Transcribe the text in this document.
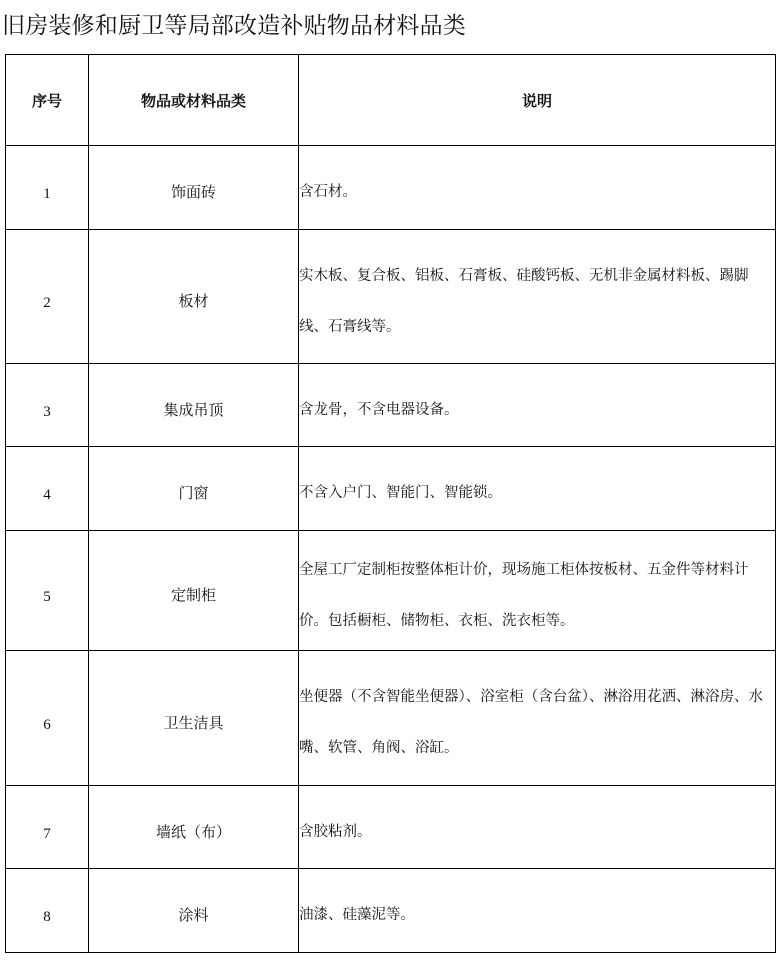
旧房装修和厨卫等局部改造补贴物品材料品类
序号	物品或材料品类	说明
1	饰面砖	含石材。

2	板材	实木板、复合板、铝板、石膏板、硅酸钙板、无机非金属材料板、踢脚线、石膏线等。

3	集成吊顶	含龙骨，不含电器设备。

4	门窗	不含入户门、智能门、智能锁。

5	定制柜	全屋工厂定制柜按整体柜计价，现场施工柜体按板材、五金件等材料计价。包括橱柜、储物柜、衣柜、洗衣柜等。

6	卫生洁具	坐便器（不含智能坐便器）、浴室柜（含台盆）、淋浴用花洒、淋浴房、水嘴、软管、角阀、浴缸。

7	墙纸（布）	含胶粘剂。

8	涂料	油漆、硅藻泥等。
